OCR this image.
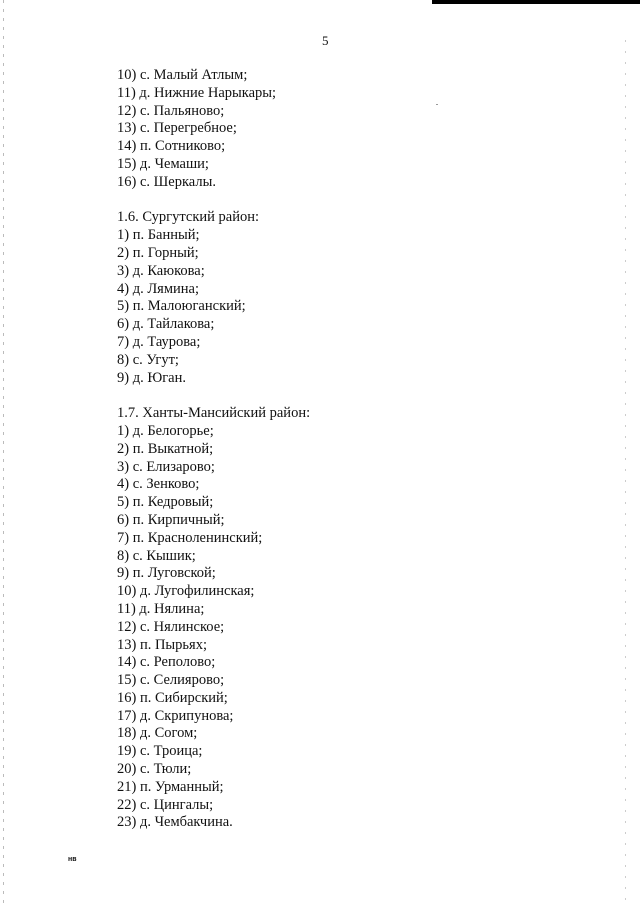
5
10) с. Малый Атлым;
11) д. Нижние Нарыкары;
12) с. Пальяново;
13) с. Перегребное;
14) п. Сотниково;
15) д. Чемаши;
16) с. Шеркалы.
1.6. Сургутский район:
1) п. Банный;
2) п. Горный;
3) д. Каюкова;
4) д. Лямина;
5) п. Малоюганский;
6) д. Тайлакова;
7) д. Таурова;
8) с. Угут;
9) д. Юган.
1.7. Ханты-Мансийский район:
1) д. Белогорье;
2) п. Выкатной;
3) с. Елизарово;
4) с. Зенково;
5) п. Кедровый;
6) п. Кирпичный;
7) п. Красноленинский;
8) с. Кышик;
9) п. Луговской;
10) д. Лугофилинская;
11) д. Нялина;
12) с. Нялинское;
13) п. Пырьях;
14) с. Реполово;
15) с. Селиярово;
16) п. Сибирский;
17) д. Скрипунова;
18) д. Согом;
19) с. Троица;
20) с. Тюли;
21) п. Урманный;
22) с. Цингалы;
23) д. Чембакчина.
нв
